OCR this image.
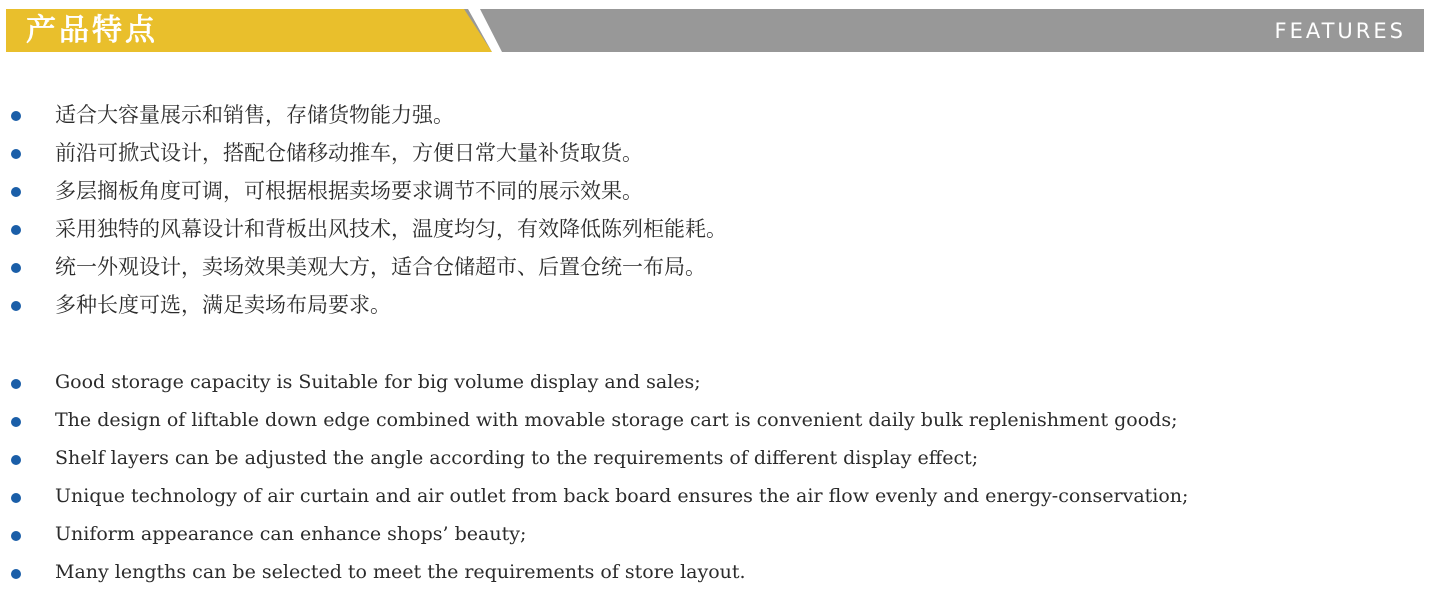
产品特点	FEATURES
适合大容量展示和销售，存储货物能力强。
前沿可掀式设计，搭配仓储移动推车，方便日常大量补货取货。
多层搁板角度可调，可根据根据卖场要求调节不同的展示效果。
采用独特的风幕设计和背板出风技术，温度均匀，有效降低陈列柜能耗。
统一外观设计，卖场效果美观大方，适合仓储超市、后置仓统一布局。
多种长度可选，满足卖场布局要求。
Good storage capacity is Suitable for big volume display and sales;
The design of liftable down edge combined with movable storage cart is convenient daily bulk replenishment goods;
Shelf layers can be adjusted the angle according to the requirements of different display effect;
Unique technology of air curtain and air outlet from back board ensures the air flow evenly and energy-conservation;
Uniform appearance can enhance shops’ beauty;
Many lengths can be selected to meet the requirements of store layout.
